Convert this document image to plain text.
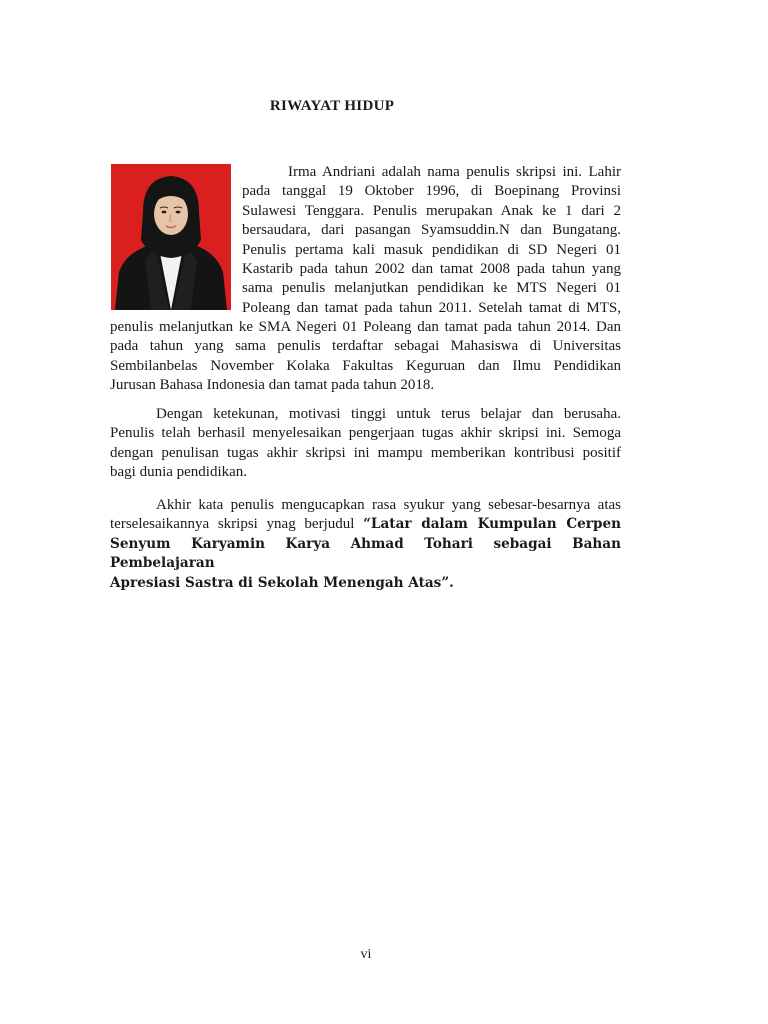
RIWAYAT HIDUP
Irma Andriani adalah nama penulis skripsi ini. Lahir
pada tanggal 19 Oktober 1996, di Boepinang Provinsi
Sulawesi Tenggara. Penulis merupakan Anak ke 1 dari 2
bersaudara, dari pasangan Syamsuddin.N dan Bungatang.
Penulis pertama kali masuk pendidikan di SD Negeri 01
Kastarib pada tahun 2002 dan tamat 2008 pada tahun yang
sama penulis melanjutkan pendidikan ke MTS Negeri 01
Poleang dan tamat pada tahun 2011. Setelah tamat di MTS,
penulis melanjutkan ke SMA Negeri 01 Poleang dan tamat pada tahun 2014. Dan
pada tahun yang sama penulis terdaftar sebagai Mahasiswa di Universitas
Sembilanbelas November Kolaka Fakultas Keguruan dan Ilmu Pendidikan
Jurusan Bahasa Indonesia dan tamat pada tahun 2018.
Dengan ketekunan, motivasi tinggi untuk terus belajar dan berusaha.
Penulis telah berhasil menyelesaikan pengerjaan tugas akhir skripsi ini. Semoga
dengan penulisan tugas akhir skripsi ini mampu memberikan kontribusi positif
bagi dunia pendidikan.
Akhir kata penulis mengucapkan rasa syukur yang sebesar-besarnya atas
terselesaikannya skripsi ynag berjudul “Latar dalam Kumpulan Cerpen
Senyum Karyamin Karya Ahmad Tohari sebagai Bahan Pembelajaran
Apresiasi Sastra di Sekolah Menengah Atas”.
vi
